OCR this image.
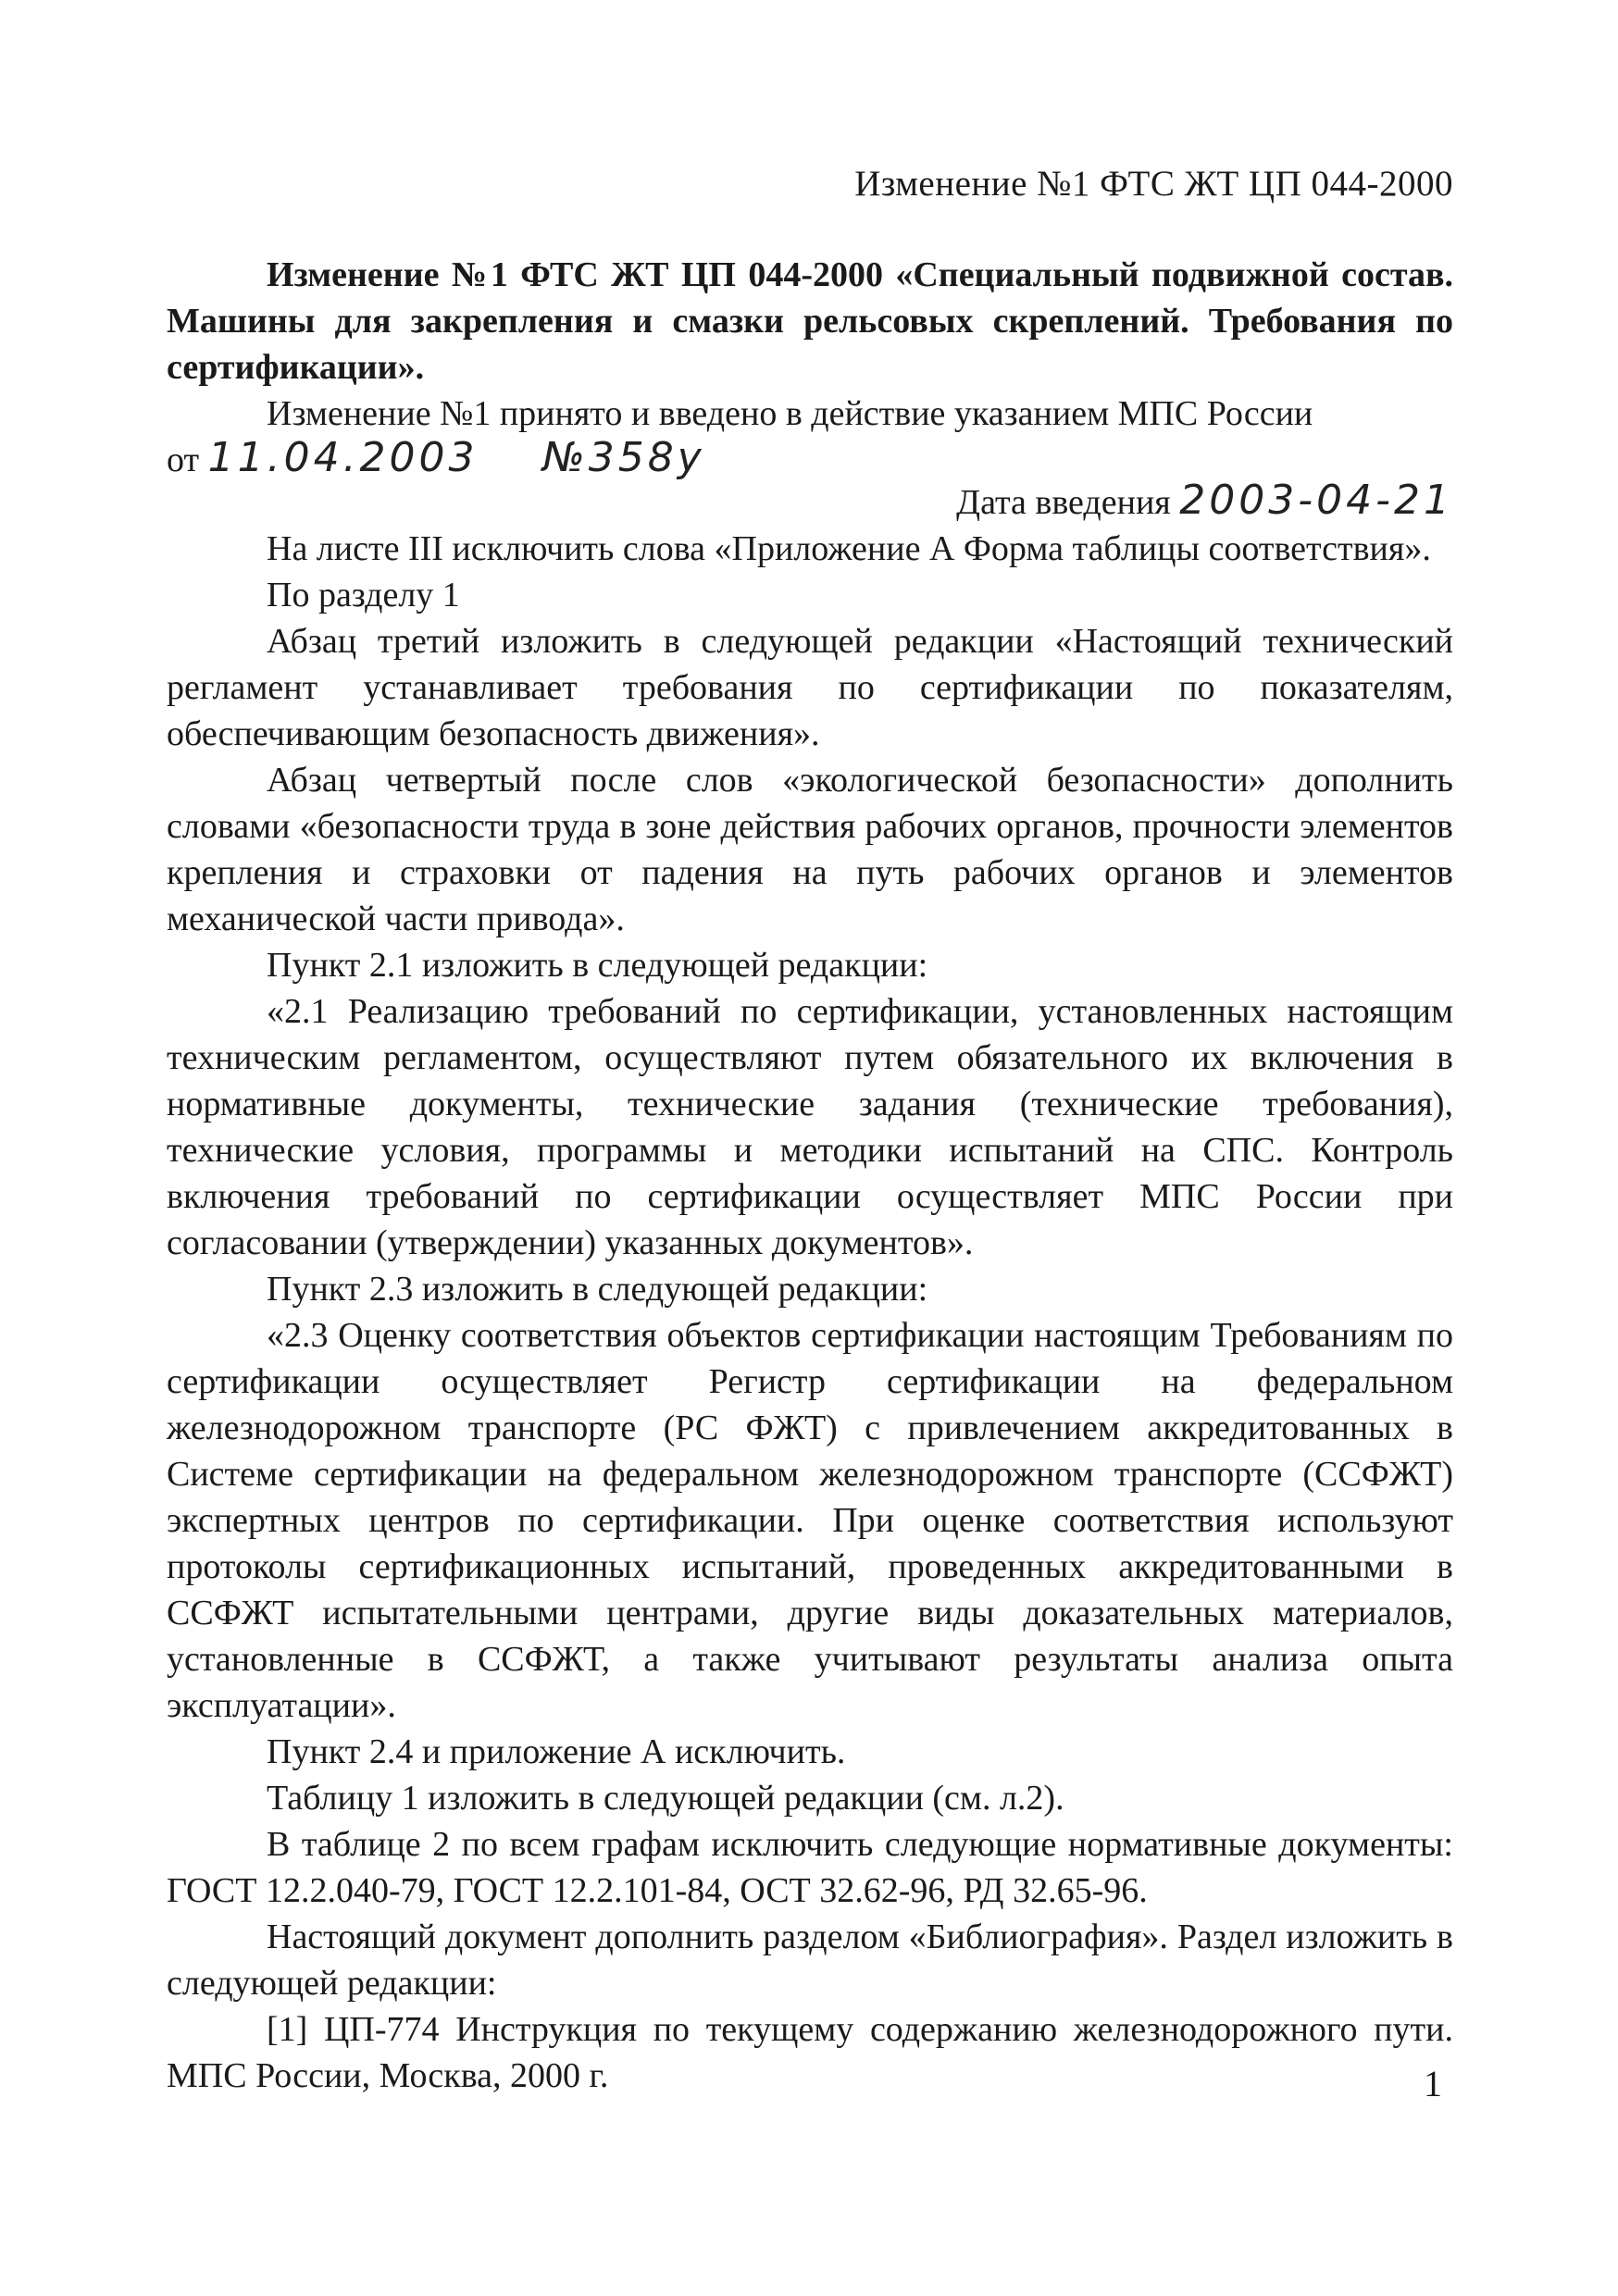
Изменение №1 ФТС ЖТ ЦП 044-2000

Изменение №1 ФТС ЖТ ЦП 044-2000 «Специальный подвижной состав. Машины для закрепления и смазки рельсовых скреплений. Требования по сертификации».

Изменение №1 принято и введено в действие указанием МПС России

от 11.04.2003 №358у
Дата введения 2003-04-21

На листе III исключить слова «Приложение А Форма таблицы соответствия».

По разделу 1

Абзац третий изложить в следующей редакции «Настоящий технический регламент устанавливает требования по сертификации по показателям, обеспечивающим безопасность движения».

Абзац четвертый после слов «экологической безопасности» дополнить словами «безопасности труда в зоне действия рабочих органов, прочности элементов крепления и страховки от падения на путь рабочих органов и элементов механической части привода».

Пункт 2.1 изложить в следующей редакции:

«2.1 Реализацию требований по сертификации, установленных настоящим техническим регламентом, осуществляют путем обязательного их включения в нормативные документы, технические задания (технические требования), технические условия, программы и методики испытаний на СПС. Контроль включения требований по сертификации осуществляет МПС России при согласовании (утверждении) указанных документов».

Пункт 2.3 изложить в следующей редакции:

«2.3 Оценку соответствия объектов сертификации настоящим Требованиям по сертификации осуществляет Регистр сертификации на федеральном железнодорожном транспорте (РС ФЖТ) с привлечением аккредитованных в Системе сертификации на федеральном железнодорожном транспорте (ССФЖТ) экспертных центров по сертификации. При оценке соответствия используют протоколы сертификационных испытаний, проведенных аккредитованными в ССФЖТ испытательными центрами, другие виды доказательных материалов, установленные в ССФЖТ, а также учитывают результаты анализа опыта эксплуатации».

Пункт 2.4 и приложение А исключить.

Таблицу 1 изложить в следующей редакции (см. л.2).

В таблице 2 по всем графам исключить следующие нормативные документы: ГОСТ 12.2.040-79, ГОСТ 12.2.101-84, ОСТ 32.62-96, РД 32.65-96.

Настоящий документ дополнить разделом «Библиография». Раздел изложить в следующей редакции:

[1] ЦП-774 Инструкция по текущему содержанию железнодорожного пути. МПС России, Москва, 2000 г.	1
